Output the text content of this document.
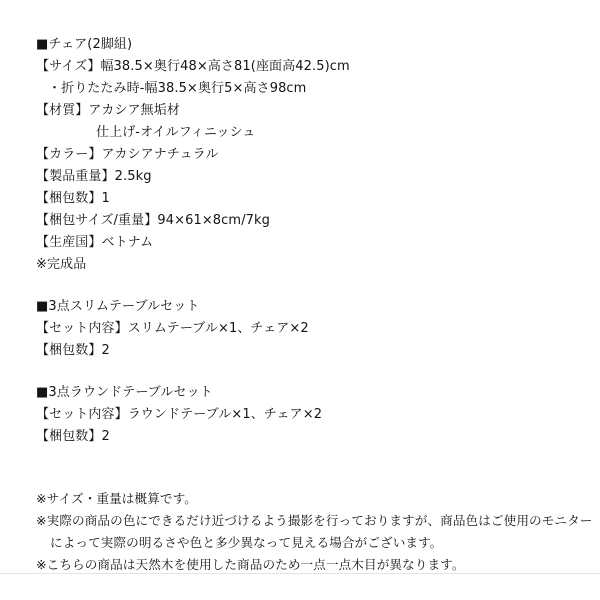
■チェア(2脚組)
【サイズ】幅38.5×奥行48×高さ81(座面高42.5)cm
・折りたたみ時‐幅38.5×奥行5×高さ98cm
【材質】アカシア無垢材
仕上げ‐オイルフィニッシュ
【カラー】アカシアナチュラル
【製品重量】2.5kg
【梱包数】1
【梱包サイズ/重量】94×61×8cm/7kg
【生産国】ベトナム
※完成品
■3点スリムテーブルセット
【セット内容】スリムテーブル×1、チェア×2
【梱包数】2
■3点ラウンドテーブルセット
【セット内容】ラウンドテーブル×1、チェア×2
【梱包数】2
※サイズ・重量は概算です。
※実際の商品の色にできるだけ近づけるよう撮影を行っておりますが、商品色はご使用のモニター
によって実際の明るさや色と多少異なって見える場合がございます。
※こちらの商品は天然木を使用した商品のため一点一点木目が異なります。
